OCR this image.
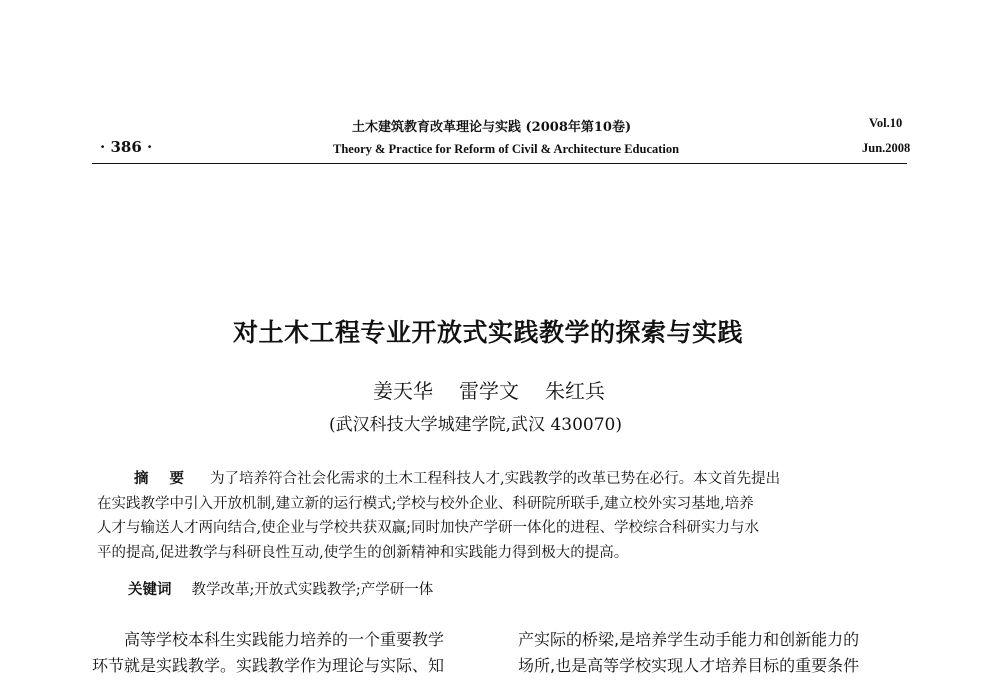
土木建筑教育改革理论与实践 (2008年第10卷)
Theory & Practice for Reform of Civil & Architecture Education
· 386 ·
Vol.10
Jun.2008
对土木工程专业开放式实践教学的探索与实践
姜天华 雷学文 朱红兵
(武汉科技大学城建学院,武汉 430070)
摘 要 为了培养符合社会化需求的土木工程科技人才,实践教学的改革已势在必行。本文首先提出
在实践教学中引入开放机制,建立新的运行模式;学校与校外企业、科研院所联手,建立校外实习基地,培养
人才与输送人才两向结合,使企业与学校共获双赢;同时加快产学研一体化的进程、学校综合科研实力与水
平的提高,促进教学与科研良性互动,使学生的创新精神和实践能力得到极大的提高。
关键词 教学改革;开放式实践教学;产学研一体
高等学校本科生实践能力培养的一个重要教学
环节就是实践教学。实践教学作为理论与实际、知
产实际的桥梁,是培养学生动手能力和创新能力的
场所,也是高等学校实现人才培养目标的重要条件
